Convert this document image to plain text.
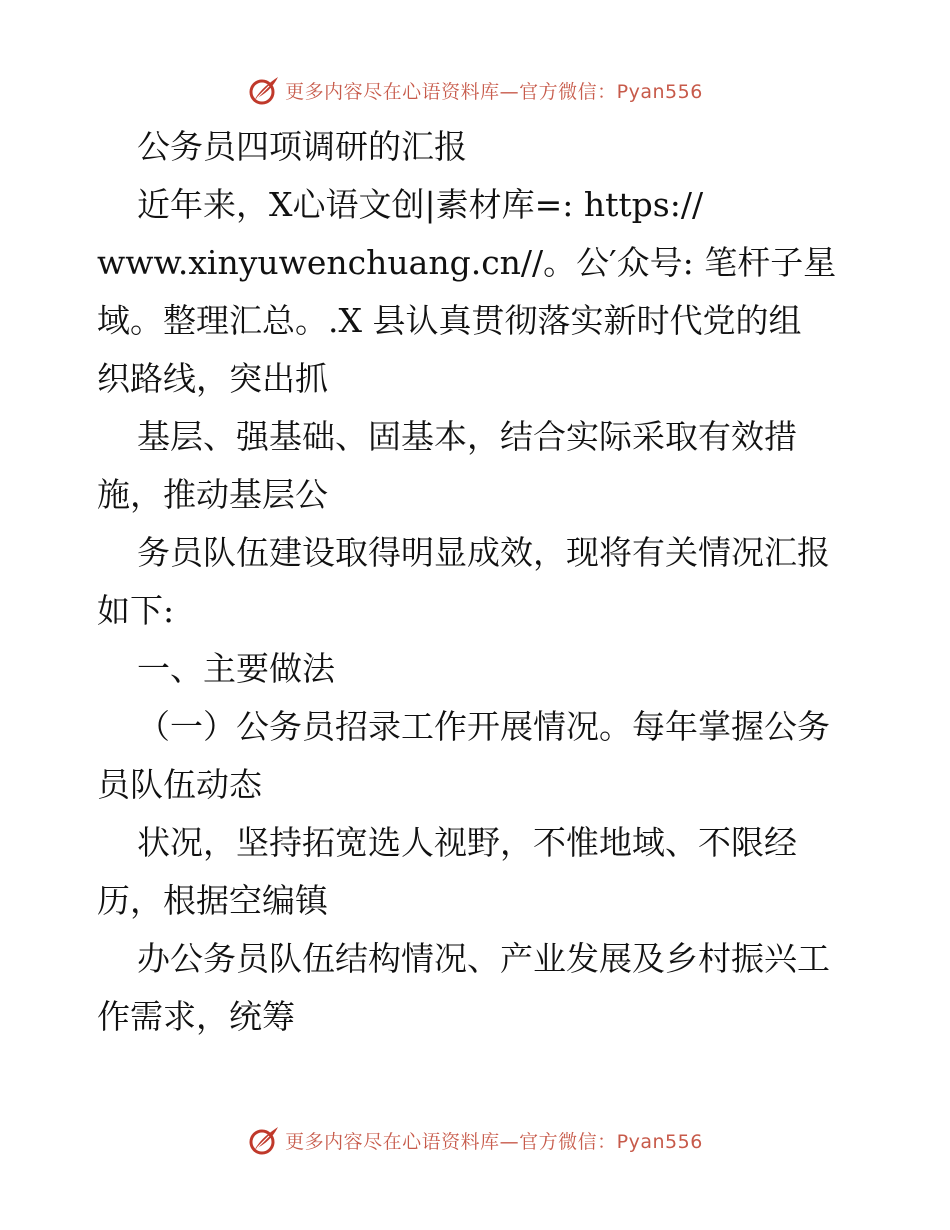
更多内容尽在心语资料库—官方微信：Pyan556
公务员四项调研的汇报
近年来，X心语文创|素材库=: https://
www.xinyuwenchuang.cn//。公′众号: 笔杆子星
域。整理汇总。.X 县认真贯彻落实新时代党的组
织路线，突出抓
基层、强基础、固基本，结合实际采取有效措
施，推动基层公
务员队伍建设取得明显成效，现将有关情况汇报
如下:
一、主要做法
（一）公务员招录工作开展情况。每年掌握公务
员队伍动态
状况，坚持拓宽选人视野，不惟地域、不限经
历，根据空编镇
办公务员队伍结构情况、产业发展及乡村振兴工
作需求，统筹
更多内容尽在心语资料库—官方微信：Pyan556
